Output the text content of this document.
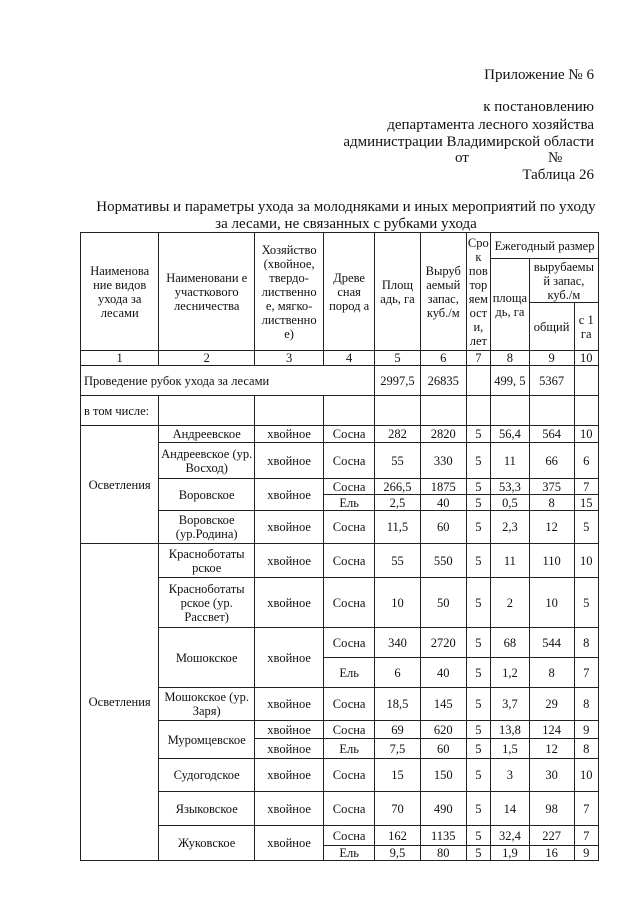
Приложение № 6
к постановлению
департамента лесного хозяйства
администрации Владимирской области
от	№
Таблица 26
Нормативы и параметры ухода за молодняками и иных мероприятий по уходу за лесами, не связанных с рубками ухода
Наименова ние видов ухода за лесами	Наименовани е участкового лесничества	Хозяйство (хвойное, твердо- лиственно е, мягко- лиственно е)	Древе сная пород а	Площ адь, га	Выруб аемый запас, куб./м	Сро к пов тор яем ост и, лет	Ежегодный размер		
							площа дь, га	вырубаемы й запас, куб./м	
								общий	с 1 га
1	2	3	4	5	6	7	8	9	10
Проведение рубок ухода за лесами				2997,5	26835		499, 5	5367	
в том числе:									
Осветления	Андреевское	хвойное	Сосна	282	2820	5	56,4	564	10
	Андреевское (ур. Восход)	хвойное	Сосна	55	330	5	11	66	6
	Воровское	хвойное	Сосна	266,5	1875	5	53,3	375	7
			Ель	2,5	40	5	0,5	8	15
	Воровское (ур.Родина)	хвойное	Сосна	11,5	60	5	2,3	12	5
Осветления	Красноботаты рское	хвойное	Сосна	55	550	5	11	110	10
	Красноботаты рское (ур. Рассвет)	хвойное	Сосна	10	50	5	2	10	5
	Мошокское	хвойное	Сосна	340	2720	5	68	544	8
			Ель	6	40	5	1,2	8	7
	Мошокское (ур. Заря)	хвойное	Сосна	18,5	145	5	3,7	29	8
	Муромцевское	хвойное	Сосна	69	620	5	13,8	124	9
		хвойное	Ель	7,5	60	5	1,5	12	8
	Судогодское	хвойное	Сосна	15	150	5	3	30	10
	Языковское	хвойное	Сосна	70	490	5	14	98	7
	Жуковское	хвойное	Сосна	162	1135	5	32,4	227	7
			Ель	9,5	80	5	1,9	16	9
